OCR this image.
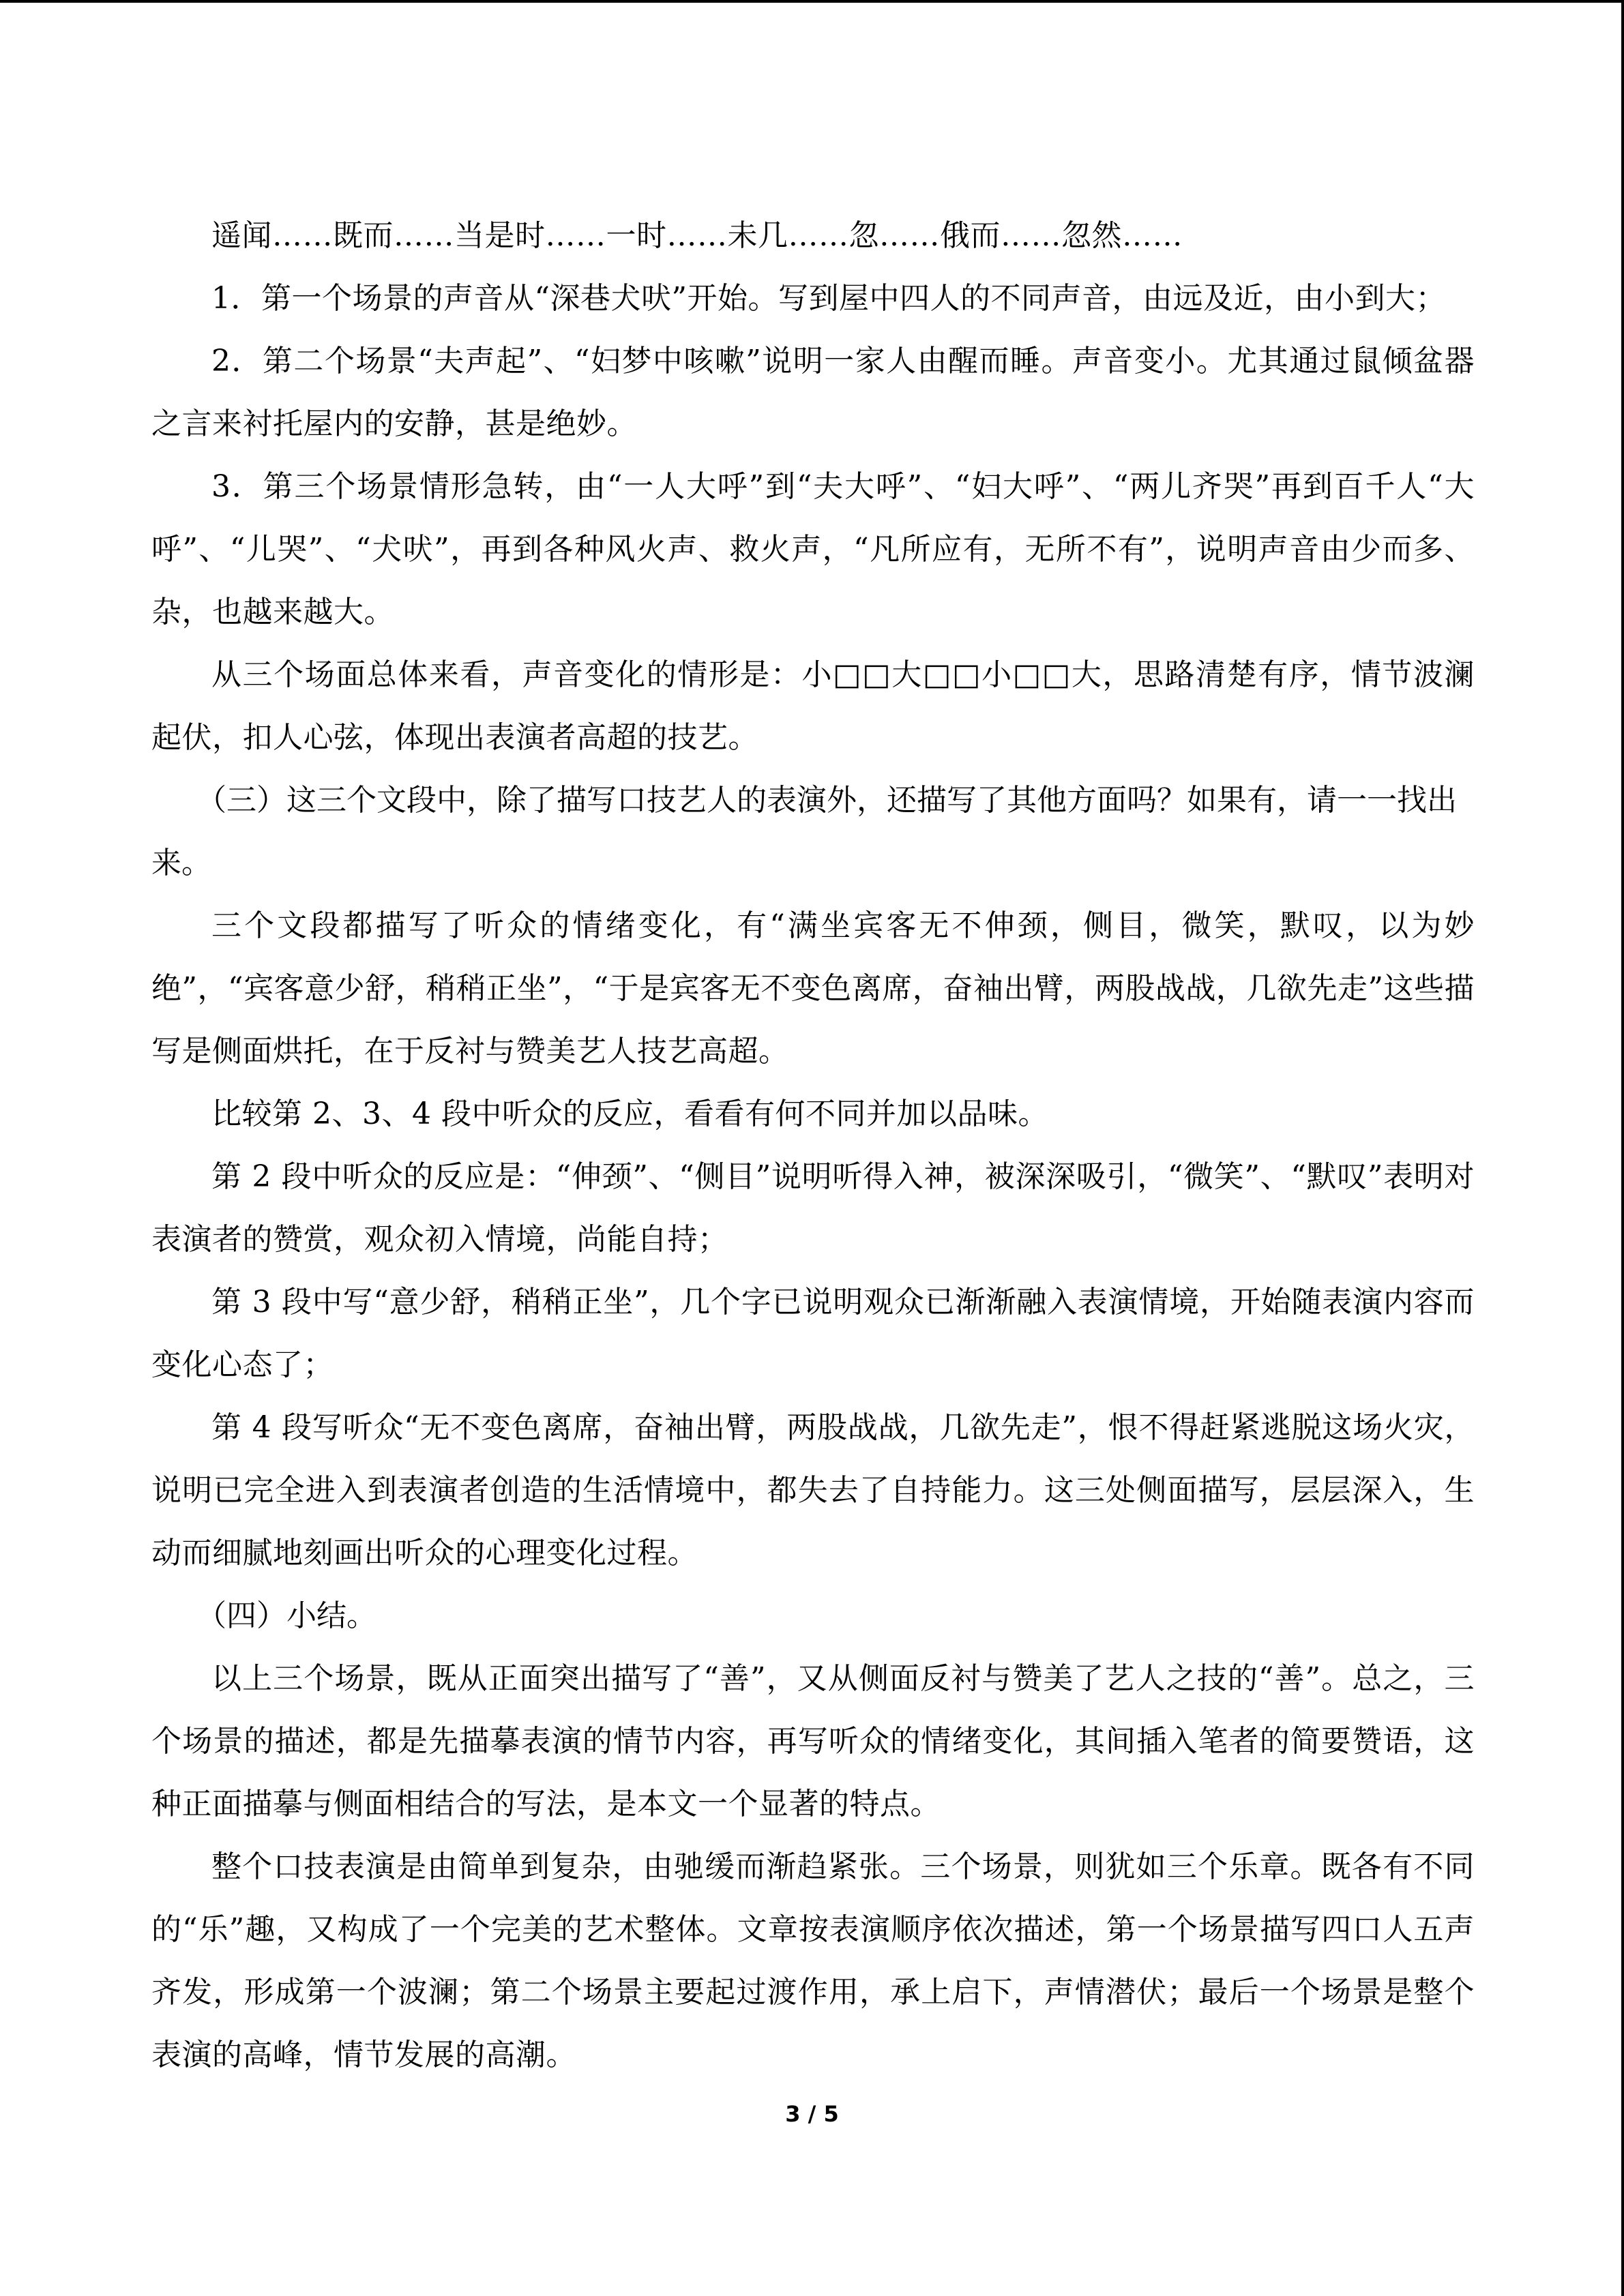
遥闻……既而……当是时……一时……未几……忽……俄而……忽然……

1．第一个场景的声音从“深巷犬吠”开始。写到屋中四人的不同声音，由远及近，由小到大；

2．第二个场景“夫声起”、“妇梦中咳嗽”说明一家人由醒而睡。声音变小。尤其通过鼠倾盆器之言来衬托屋内的安静，甚是绝妙。

3．第三个场景情形急转，由“一人大呼”到“夫大呼”、“妇大呼”、“两儿齐哭”再到百千人“大呼”、“儿哭”、“犬吠”，再到各种风火声、救火声，“凡所应有，无所不有”，说明声音由少而多、杂，也越来越大。

从三个场面总体来看，声音变化的情形是：小□□大□□小□□大，思路清楚有序，情节波澜起伏，扣人心弦，体现出表演者高超的技艺。

（三）这三个文段中，除了描写口技艺人的表演外，还描写了其他方面吗？如果有，请一一找出来。

三个文段都描写了听众的情绪变化，有“满坐宾客无不伸颈，侧目，微笑，默叹，以为妙绝”，“宾客意少舒，稍稍正坐”，“于是宾客无不变色离席，奋袖出臂，两股战战，几欲先走”这些描写是侧面烘托，在于反衬与赞美艺人技艺高超。

比较第 2、3、4 段中听众的反应，看看有何不同并加以品味。

第 2 段中听众的反应是：“伸颈”、“侧目”说明听得入神，被深深吸引，“微笑”、“默叹”表明对表演者的赞赏，观众初入情境，尚能自持；

第 3 段中写“意少舒，稍稍正坐”，几个字已说明观众已渐渐融入表演情境，开始随表演内容而变化心态了；

第 4 段写听众“无不变色离席，奋袖出臂，两股战战，几欲先走”，恨不得赶紧逃脱这场火灾，说明已完全进入到表演者创造的生活情境中，都失去了自持能力。这三处侧面描写，层层深入，生动而细腻地刻画出听众的心理变化过程。

（四）小结。

以上三个场景，既从正面突出描写了“善”，又从侧面反衬与赞美了艺人之技的“善”。总之，三个场景的描述，都是先描摹表演的情节内容，再写听众的情绪变化，其间插入笔者的简要赞语，这种正面描摹与侧面相结合的写法，是本文一个显著的特点。

整个口技表演是由简单到复杂，由驰缓而渐趋紧张。三个场景，则犹如三个乐章。既各有不同的“乐”趣，又构成了一个完美的艺术整体。文章按表演顺序依次描述，第一个场景描写四口人五声齐发，形成第一个波澜；第二个场景主要起过渡作用，承上启下，声情潜伏；最后一个场景是整个表演的高峰，情节发展的高潮。

3 / 5
